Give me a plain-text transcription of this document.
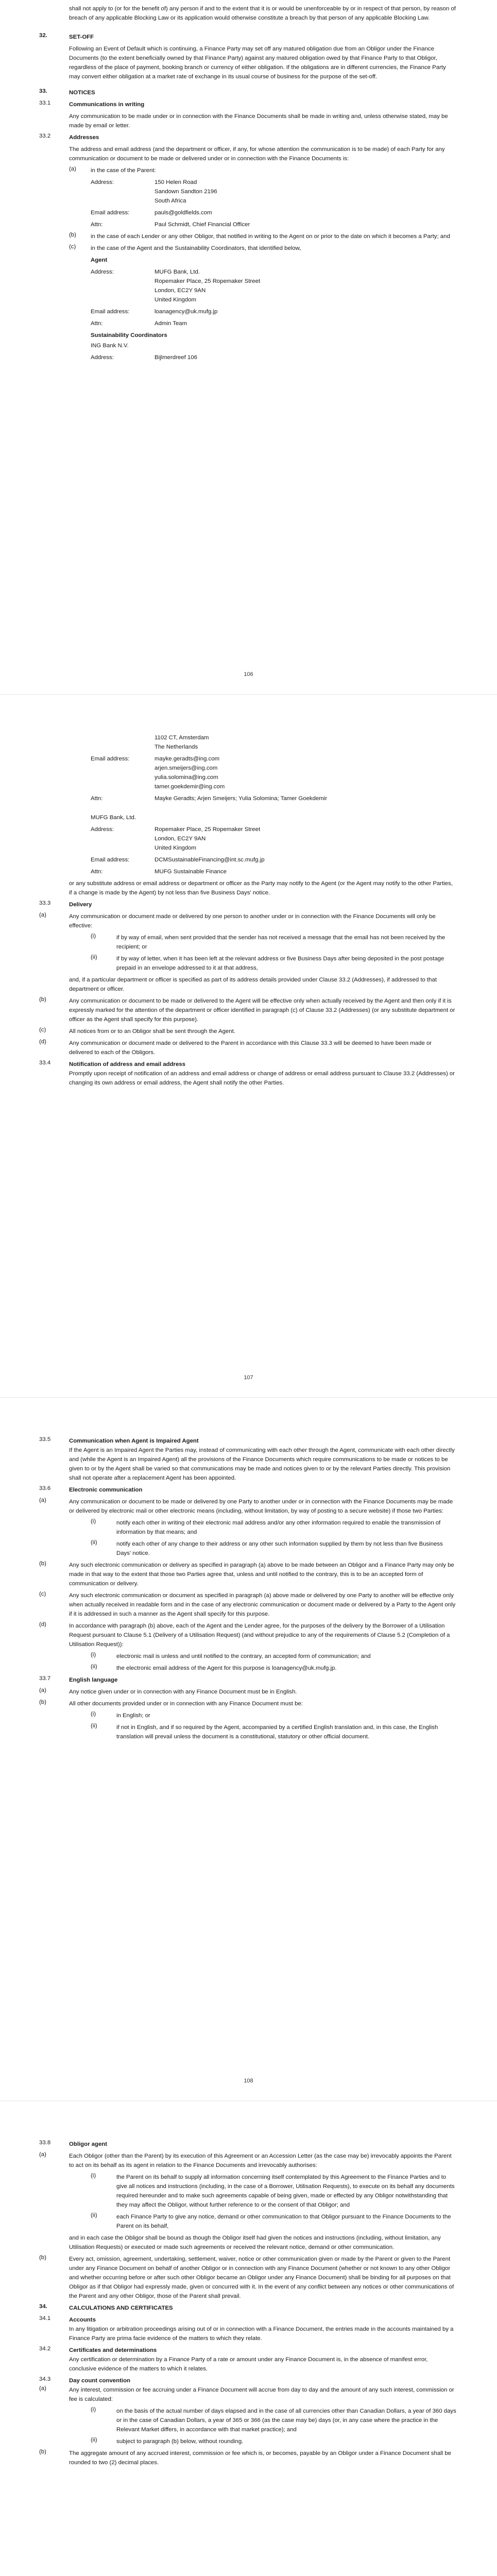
shall not apply to (or for the benefit of) any person if and to the extent that it is or would be unenforceable by or in respect of that person, by reason of breach of any applicable Blocking Law or its application would otherwise constitute a breach by that person of any applicable Blocking Law.

32.	SET-OFF

Following an Event of Default which is continuing, a Finance Party may set off any matured obligation due from an Obligor under the Finance Documents (to the extent beneficially owned by that Finance Party) against any matured obligation owed by that Finance Party to that Obligor, regardless of the place of payment, booking branch or currency of either obligation. If the obligations are in different currencies, the Finance Party may convert either obligation at a market rate of exchange in its usual course of business for the purpose of the set-off.

33.	NOTICES

33.1	Communications in writing

Any communication to be made under or in connection with the Finance Documents shall be made in writing and, unless otherwise stated, may be made by email or letter.

33.2	Addresses

The address and email address (and the department or officer, if any, for whose attention the communication is to be made) of each Party for any communication or document to be made or delivered under or in connection with the Finance Documents is:

(a) in the case of the Parent:

Address:	150 Helen Road
Sandown Sandton 2196
South Africa
Email address:	pauls@goldfields.com
Attn:	Paul Schmidt, Chief Financial Officer
(b) in the case of each Lender or any other Obligor, that notified in writing to the Agent on or prior to the date on which it becomes a Party; and

(c)	in the case of the Agent and the Sustainability Coordinators, that identified below,

Agent

Address:	MUFG Bank, Ltd.
Ropemaker Place, 25 Ropemaker Street
London, EC2Y 9AN
United Kingdom
Email address:	loanagency@uk.mufg.jp
Attn:	Admin Team

Sustainability Coordinators

ING Bank N.V.

Address:	Bijlmerdreef 106
106
1102 CT, Amsterdam
The Netherlands
Email address:	mayke.geradts@ing.com
arjen.smeijers@ing.com
yulia.solomina@ing.com
tamer.goekdemir@ing.com
Attn:	Mayke Geradts; Arjen Smeijers; Yulia Solomina; Tamer Goekdemir

MUFG Bank, Ltd.

Address:	Ropemaker Place, 25 Ropemaker Street
London, EC2Y 9AN
United Kingdom
Email address:	DCMSustainableFinancing@int.sc.mufg.jp
Attn:	MUFG Sustainable Finance

or any substitute address or email address or department or officer as the Party may notify to the Agent (or the Agent may notify to the other Parties, if a change is made by the Agent) by not less than five Business Days' notice.

33.3	Delivery

(a)	Any communication or document made or delivered by one person to another under or in connection with the Finance Documents will only be effective:

(i)	if by way of email, when sent provided that the sender has not received a message that the email has not been received by the recipient; or

(ii)	if by way of letter, when it has been left at the relevant address or five Business Days after being deposited in the post postage prepaid in an envelope addressed to it at that address,

and, if a particular department or officer is specified as part of its address details provided under Clause 33.2 (Addresses), if addressed to that department or officer.

(b)	Any communication or document to be made or delivered to the Agent will be effective only when actually received by the Agent and then only if it is expressly marked for the attention of the department or officer identified in paragraph (c) of Clause 33.2 (Addresses) (or any substitute department or officer as the Agent shall specify for this purpose).

(c)	All notices from or to an Obligor shall be sent through the Agent.

(d)	Any communication or document made or delivered to the Parent in accordance with this Clause 33.3 will be deemed to have been made or delivered to each of the Obligors.

33.4	Notification of address and email address

Promptly upon receipt of notification of an address and email address or change of address or email address pursuant to Clause 33.2 (Addresses) or changing its own address or email address, the Agent shall notify the other Parties.

107
33.5	Communication when Agent is Impaired Agent

If the Agent is an Impaired Agent the Parties may, instead of communicating with each other through the Agent, communicate with each other directly and (while the Agent is an Impaired Agent) all the provisions of the Finance Documents which require communications to be made or notices to be given to or by the Agent shall be varied so that communications may be made and notices given to or by the relevant Parties directly. This provision shall not operate after a replacement Agent has been appointed.

33.6	Electronic communication

(a)	Any communication or document to be made or delivered by one Party to another under or in connection with the Finance Documents may be made or delivered by electronic mail or other electronic means (including, without limitation, by way of posting to a secure website) if those two Parties:

(i)	notify each other in writing of their electronic mail address and/or any other information required to enable the transmission of information by that means; and

(ii)	notify each other of any change to their address or any other such information supplied by them by not less than five Business Days' notice.

(b)	Any such electronic communication or delivery as specified in paragraph (a) above to be made between an Obligor and a Finance Party may only be made in that way to the extent that those two Parties agree that, unless and until notified to the contrary, this is to be an accepted form of communication or delivery.

(c)	Any such electronic communication or document as specified in paragraph (a) above made or delivered by one Party to another will be effective only when actually received in readable form and in the case of any electronic communication or document made or delivered by a Party to the Agent only if it is addressed in such a manner as the Agent shall specify for this purpose.

(d)	In accordance with paragraph (b) above, each of the Agent and the Lender agree, for the purposes of the delivery by the Borrower of a Utilisation Request pursuant to Clause 5.1 (Delivery of a Utilisation Request) (and without prejudice to any of the requirements of Clause 5.2 (Completion of a Utilisation Request)):

(i)	electronic mail is unless and until notified to the contrary, an accepted form of communication; and

(ii)	the electronic email address of the Agent for this purpose is loanagency@uk.mufg.jp.

33.7	English language

(a)	Any notice given under or in connection with any Finance Document must be in English.

(b)	All other documents provided under or in connection with any Finance Document must be:

(i)	in English; or

(ii)	if not in English, and if so required by the Agent, accompanied by a certified English translation and, in this case, the English translation will prevail unless the document is a constitutional, statutory or other official document.

108
33.8	Obligor agent

(a)	Each Obligor (other than the Parent) by its execution of this Agreement or an Accession Letter (as the case may be) irrevocably appoints the Parent to act on its behalf as its agent in relation to the Finance Documents and irrevocably authorises:

(i)	the Parent on its behalf to supply all information concerning itself contemplated by this Agreement to the Finance Parties and to give all notices and instructions (including, in the case of a Borrower, Utilisation Requests), to execute on its behalf any documents required hereunder and to make such agreements capable of being given, made or effected by any Obligor notwithstanding that they may affect the Obligor, without further reference to or the consent of that Obligor; and

(ii)	each Finance Party to give any notice, demand or other communication to that Obligor pursuant to the Finance Documents to the Parent on its behalf,

and in each case the Obligor shall be bound as though the Obligor itself had given the notices and instructions (including, without limitation, any Utilisation Requests) or executed or made such agreements or received the relevant notice, demand or other communication.

(b)	Every act, omission, agreement, undertaking, settlement, waiver, notice or other communication given or made by the Parent or given to the Parent under any Finance Document on behalf of another Obligor or in connection with any Finance Document (whether or not known to any other Obligor and whether occurring before or after such other Obligor became an Obligor under any Finance Document) shall be binding for all purposes on that Obligor as if that Obligor had expressly made, given or concurred with it. In the event of any conflict between any notices or other communications of the Parent and any other Obligor, those of the Parent shall prevail.

34.	CALCULATIONS AND CERTIFICATES

34.1	Accounts

In any litigation or arbitration proceedings arising out of or in connection with a Finance Document, the entries made in the accounts maintained by a Finance Party are prima facie evidence of the matters to which they relate.

34.2	Certificates and determinations

Any certification or determination by a Finance Party of a rate or amount under any Finance Document is, in the absence of manifest error, conclusive evidence of the matters to which it relates.

34.3	Day count convention

(a)	Any interest, commission or fee accruing under a Finance Document will accrue from day to day and the amount of any such interest, commission or fee is calculated:

(i)	on the basis of the actual number of days elapsed and in the case of all currencies other than Canadian Dollars, a year of 360 days or in the case of Canadian Dollars, a year of 365 or 366 (as the case may be) days (or, in any case where the practice in the Relevant Market differs, in accordance with that market practice); and

(ii)	subject to paragraph (b) below, without rounding.

(b)	The aggregate amount of any accrued interest, commission or fee which is, or becomes, payable by an Obligor under a Finance Document shall be rounded to two (2) decimal places.
